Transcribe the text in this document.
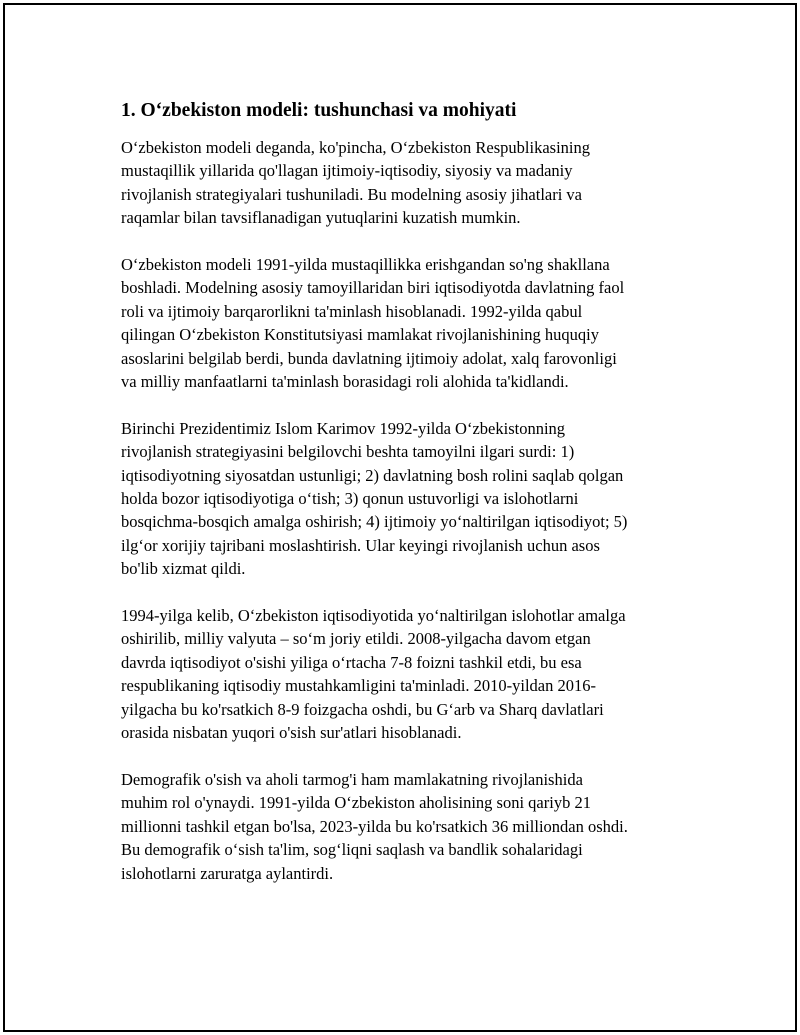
1. O‘zbekiston modeli: tushunchasi va mohiyati

O‘zbekiston modeli deganda, ko'pincha, O‘zbekiston Respublikasining
mustaqillik yillarida qo'llagan ijtimoiy-iqtisodiy, siyosiy va madaniy
rivojlanish strategiyalari tushuniladi. Bu modelning asosiy jihatlari va
raqamlar bilan tavsiflanadigan yutuqlarini kuzatish mumkin.

O‘zbekiston modeli 1991-yilda mustaqillikka erishgandan so'ng shakllana
boshladi. Modelning asosiy tamoyillaridan biri iqtisodiyotda davlatning faol
roli va ijtimoiy barqarorlikni ta'minlash hisoblanadi. 1992-yilda qabul
qilingan O‘zbekiston Konstitutsiyasi mamlakat rivojlanishining huquqiy
asoslarini belgilab berdi, bunda davlatning ijtimoiy adolat, xalq farovonligi
va milliy manfaatlarni ta'minlash borasidagi roli alohida ta'kidlandi.

Birinchi Prezidentimiz Islom Karimov 1992-yilda O‘zbekistonning
rivojlanish strategiyasini belgilovchi beshta tamoyilni ilgari surdi: 1)
iqtisodiyotning siyosatdan ustunligi; 2) davlatning bosh rolini saqlab qolgan
holda bozor iqtisodiyotiga o‘tish; 3) qonun ustuvorligi va islohotlarni
bosqichma-bosqich amalga oshirish; 4) ijtimoiy yo‘naltirilgan iqtisodiyot; 5)
ilg‘or xorijiy tajribani moslashtirish. Ular keyingi rivojlanish uchun asos
bo'lib xizmat qildi.

1994-yilga kelib, O‘zbekiston iqtisodiyotida yo‘naltirilgan islohotlar amalga
oshirilib, milliy valyuta – so‘m joriy etildi. 2008-yilgacha davom etgan
davrda iqtisodiyot o'sishi yiliga o‘rtacha 7-8 foizni tashkil etdi, bu esa
respublikaning iqtisodiy mustahkamligini ta'minladi. 2010-yildan 2016-
yilgacha bu ko'rsatkich 8-9 foizgacha oshdi, bu G‘arb va Sharq davlatlari
orasida nisbatan yuqori o'sish sur'atlari hisoblanadi.

Demografik o'sish va aholi tarmog'i ham mamlakatning rivojlanishida
muhim rol o'ynaydi. 1991-yilda O‘zbekiston aholisining soni qariyb 21
millionni tashkil etgan bo'lsa, 2023-yilda bu ko'rsatkich 36 milliondan oshdi.
Bu demografik o‘sish ta'lim, sog‘liqni saqlash va bandlik sohalaridagi
islohotlarni zaruratga aylantirdi.
